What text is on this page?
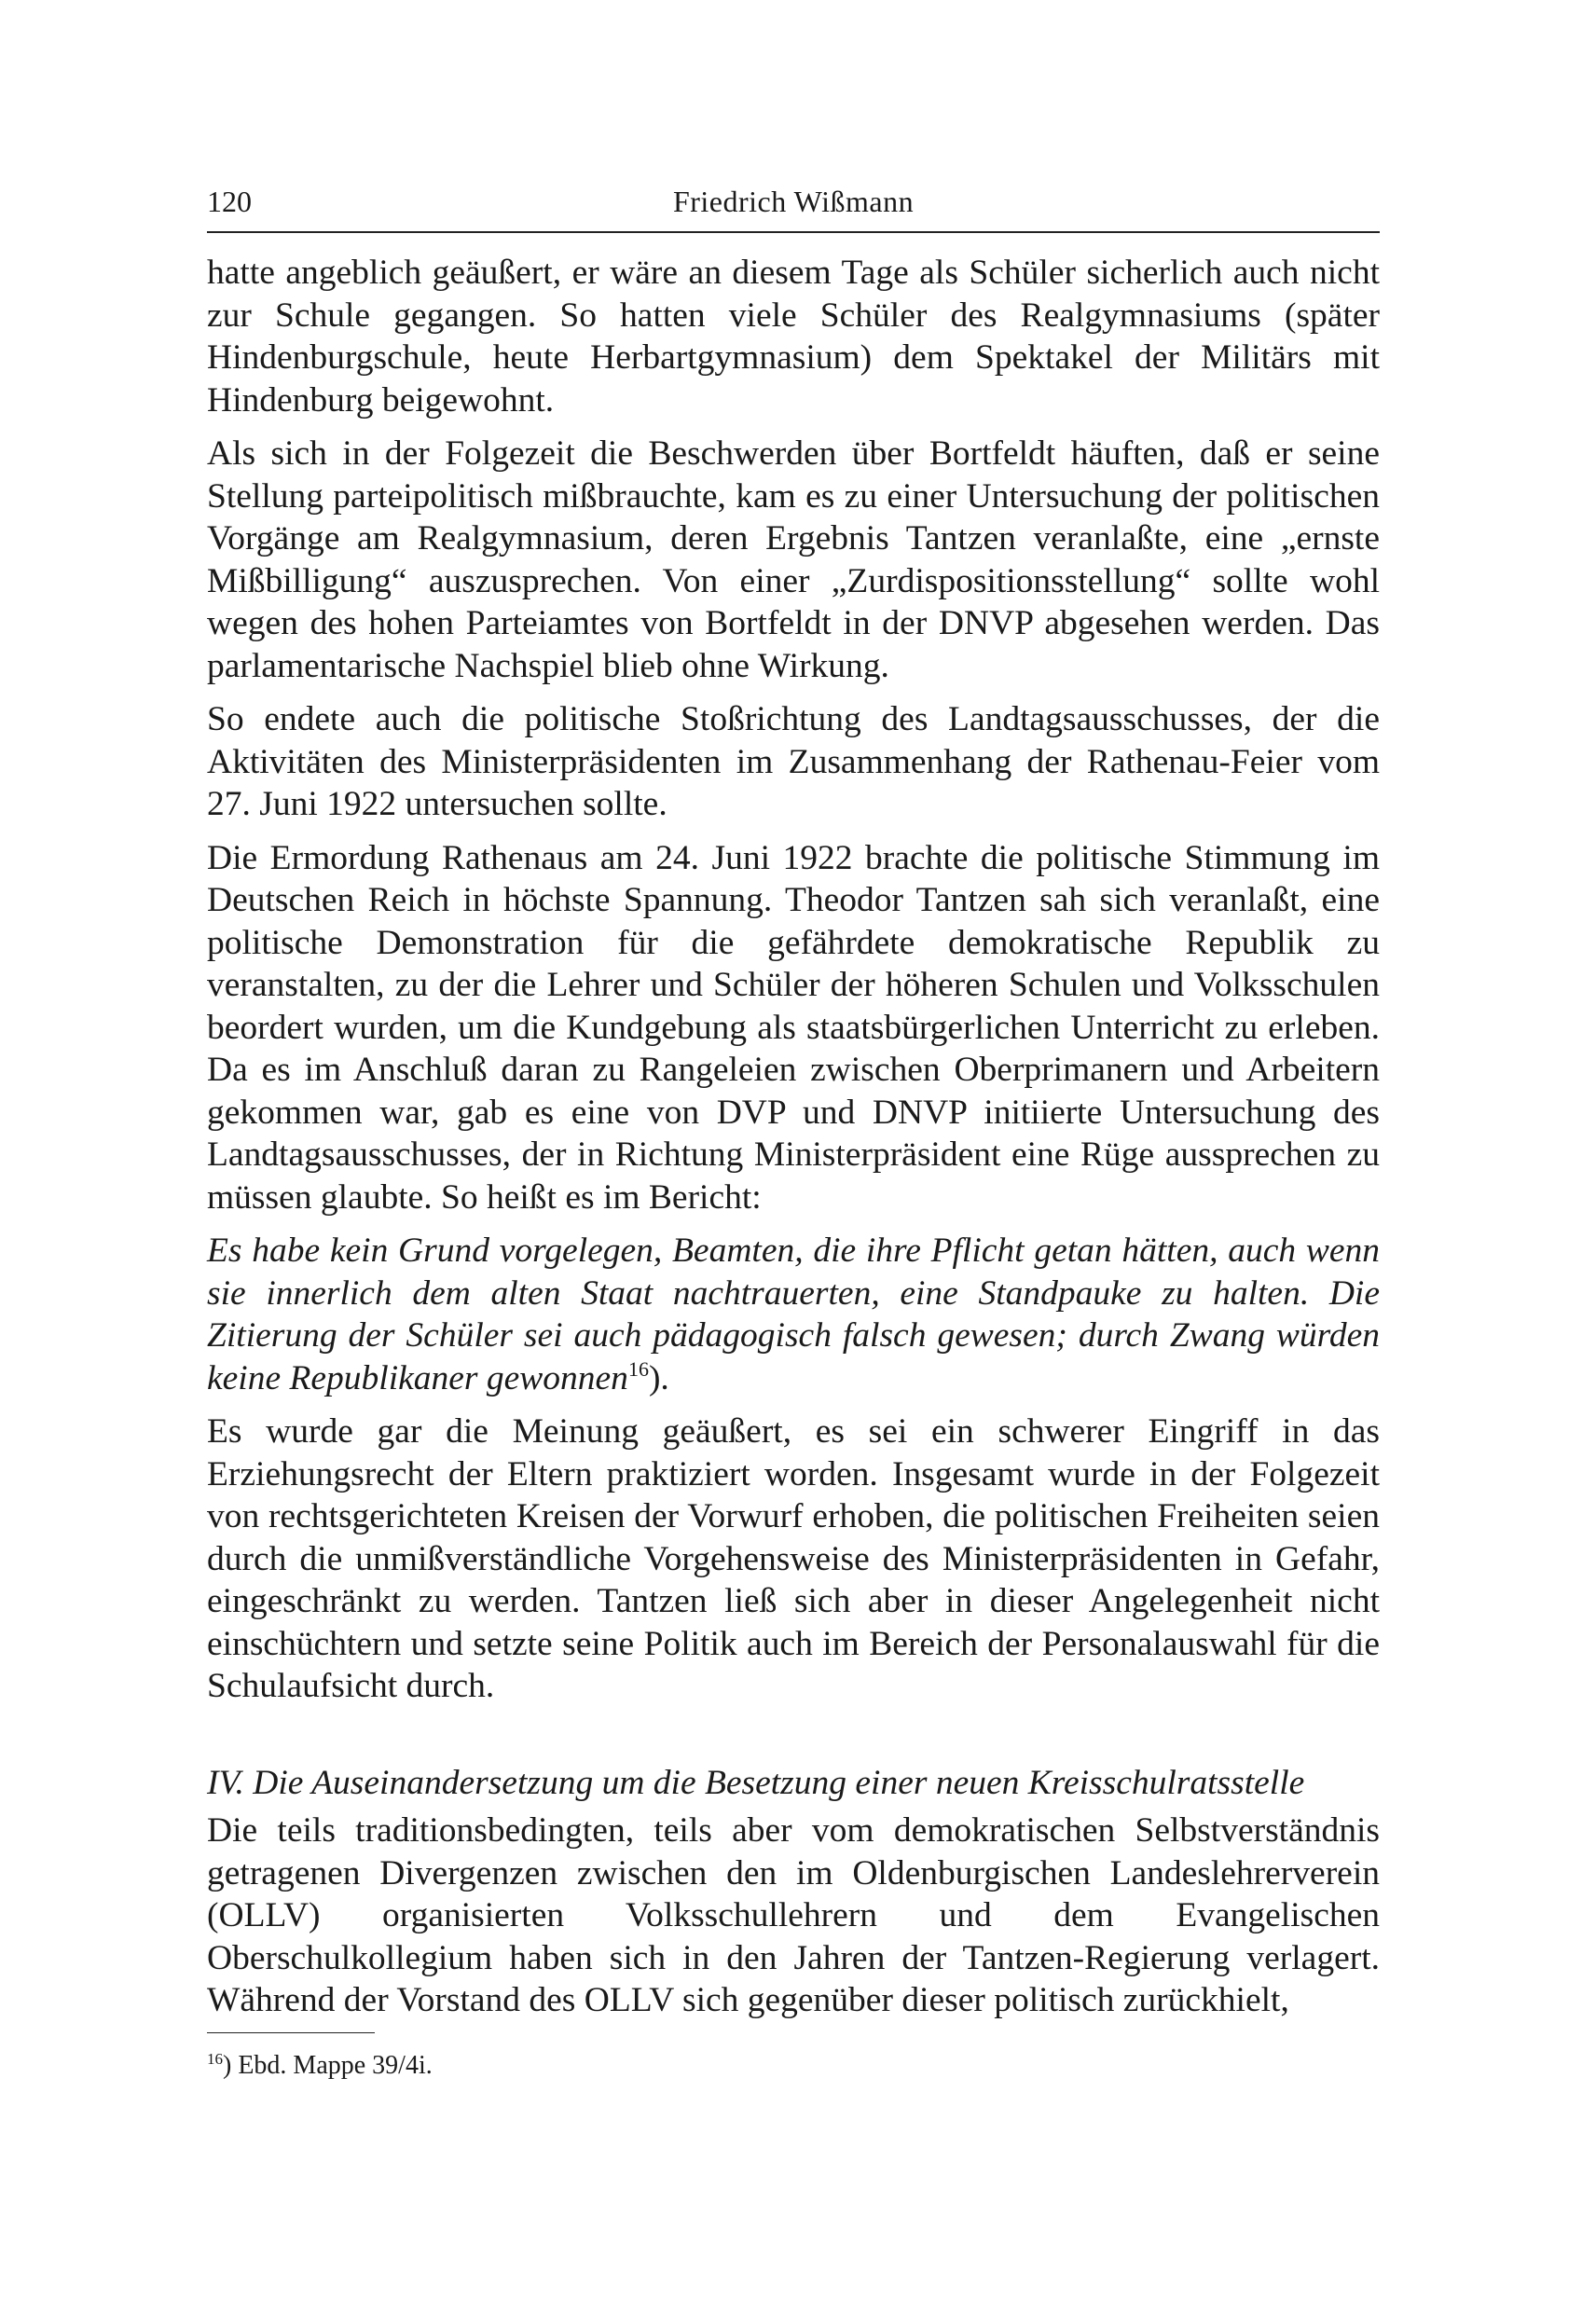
120	Friedrich Wißmann

hatte angeblich geäußert, er wäre an diesem Tage als Schüler sicherlich auch nicht zur Schule gegangen. So hatten viele Schüler des Realgymnasiums (später Hindenburgschule, heute Herbartgymnasium) dem Spektakel der Militärs mit Hindenburg beigewohnt.

Als sich in der Folgezeit die Beschwerden über Bortfeldt häuften, daß er seine Stellung parteipolitisch mißbrauchte, kam es zu einer Untersuchung der politischen Vorgänge am Realgymnasium, deren Ergebnis Tantzen veranlaßte, eine „ernste Mißbilligung“ auszusprechen. Von einer „Zurdispositionsstellung“ sollte wohl wegen des hohen Parteiamtes von Bortfeldt in der DNVP abgesehen werden. Das parlamentarische Nachspiel blieb ohne Wirkung.

So endete auch die politische Stoßrichtung des Landtagsausschusses, der die Aktivitäten des Ministerpräsidenten im Zusammenhang der Rathenau-Feier vom 27. Juni 1922 untersuchen sollte.

Die Ermordung Rathenaus am 24. Juni 1922 brachte die politische Stimmung im Deutschen Reich in höchste Spannung. Theodor Tantzen sah sich veranlaßt, eine politische Demonstration für die gefährdete demokratische Republik zu veranstalten, zu der die Lehrer und Schüler der höheren Schulen und Volksschulen beordert wurden, um die Kundgebung als staatsbürgerlichen Unterricht zu erleben. Da es im Anschluß daran zu Rangeleien zwischen Oberprimanern und Arbeitern gekommen war, gab es eine von DVP und DNVP initiierte Untersuchung des Landtagsausschusses, der in Richtung Ministerpräsident eine Rüge aussprechen zu müssen glaubte. So heißt es im Bericht:

Es habe kein Grund vorgelegen, Beamten, die ihre Pflicht getan hätten, auch wenn sie innerlich dem alten Staat nachtrauerten, eine Standpauke zu halten. Die Zitierung der Schüler sei auch pädagogisch falsch gewesen; durch Zwang würden keine Republikaner gewonnen$^{16}$).

Es wurde gar die Meinung geäußert, es sei ein schwerer Eingriff in das Erziehungsrecht der Eltern praktiziert worden. Insgesamt wurde in der Folgezeit von rechtsgerichteten Kreisen der Vorwurf erhoben, die politischen Freiheiten seien durch die unmißverständliche Vorgehensweise des Ministerpräsidenten in Gefahr, eingeschränkt zu werden. Tantzen ließ sich aber in dieser Angelegenheit nicht einschüchtern und setzte seine Politik auch im Bereich der Personalauswahl für die Schulaufsicht durch.

IV. Die Auseinandersetzung um die Besetzung einer neuen Kreisschulratsstelle

Die teils traditionsbedingten, teils aber vom demokratischen Selbstverständnis getragenen Divergenzen zwischen den im Oldenburgischen Landeslehrerverein (OLLV) organisierten Volksschullehrern und dem Evangelischen Oberschulkollegium haben sich in den Jahren der Tantzen-Regierung verlagert. Während der Vorstand des OLLV sich gegenüber dieser politisch zurückhielt,

$^{16}$) Ebd. Mappe 39/4i.
